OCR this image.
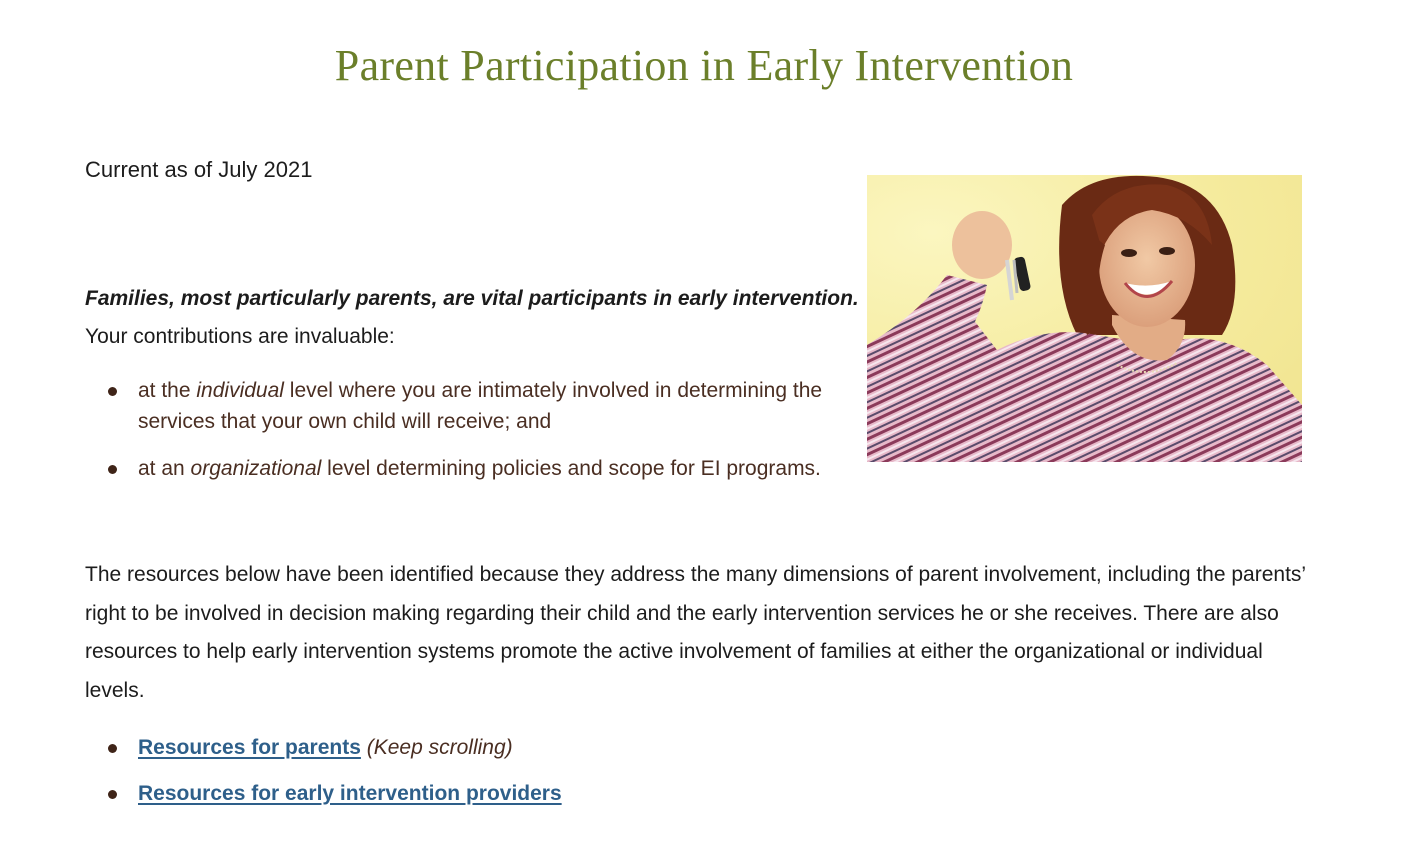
Parent Participation in Early Intervention

Current as of July 2021

Families, most particularly parents, are vital participants in early intervention.
Your contributions are invaluable:

at the individual level where you are intimately involved in determining the services that your own child will receive; and
at an organizational level determining policies and scope for EI programs.

The resources below have been identified because they address the many dimensions of parent involvement, including the parents’ right to be involved in decision making regarding their child and the early intervention services he or she receives. There are also resources to help early intervention systems promote the active involvement of families at either the organizational or individual levels.

Resources for parents (Keep scrolling)
Resources for early intervention providers
